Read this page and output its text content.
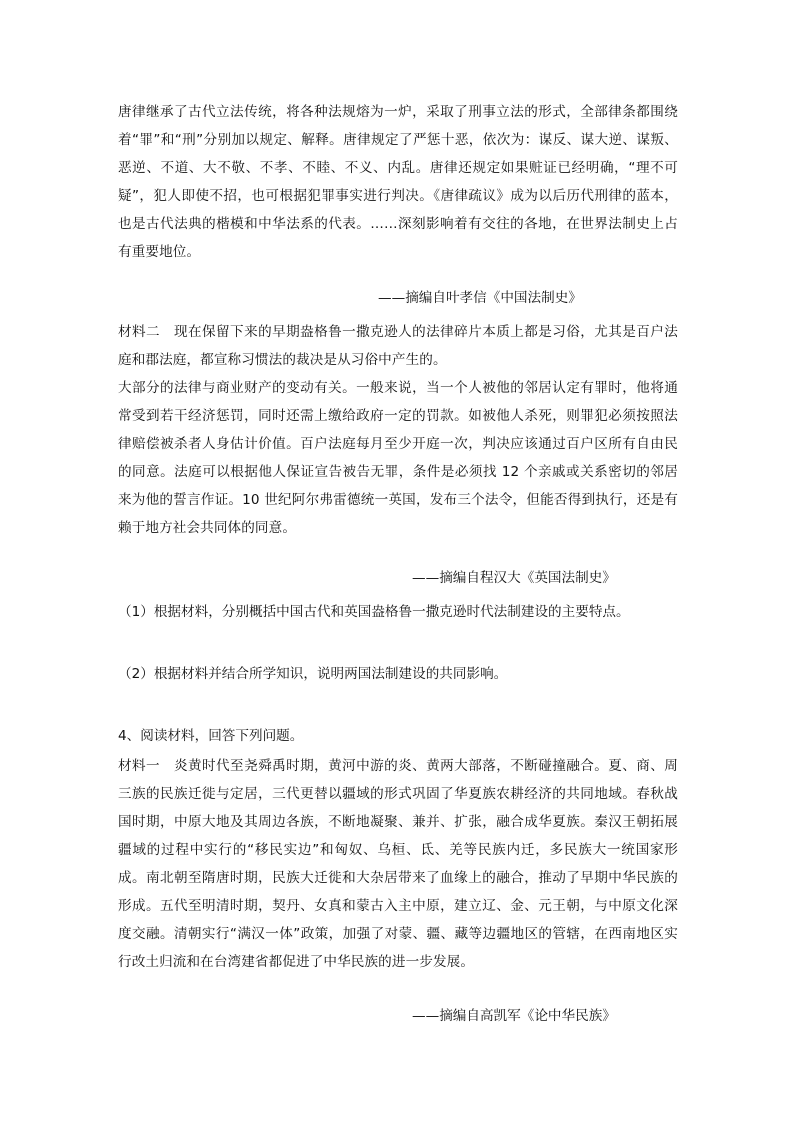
唐律继承了古代立法传统，将各种法规熔为一炉，采取了刑事立法的形式，全部律条都围绕着“罪”和“刑”分别加以规定、解释。唐律规定了严惩十恶，依次为：谋反、谋大逆、谋叛、恶逆、不道、大不敬、不孝、不睦、不义、内乱。唐律还规定如果赃证已经明确，“理不可疑”，犯人即使不招，也可根据犯罪事实进行判决。《唐律疏议》成为以后历代刑律的蓝本，也是古代法典的楷模和中华法系的代表。……深刻影响着有交往的各地，在世界法制史上占有重要地位。
——摘编自叶孝信《中国法制史》
材料二　现在保留下来的早期盎格鲁一撒克逊人的法律碎片本质上都是习俗，尤其是百户法庭和郡法庭，都宣称习惯法的裁决是从习俗中产生的。
大部分的法律与商业财产的变动有关。一般来说，当一个人被他的邻居认定有罪时，他将通常受到若干经济惩罚，同时还需上缴给政府一定的罚款。如被他人杀死，则罪犯必须按照法律赔偿被杀者人身估计价值。百户法庭每月至少开庭一次，判决应该通过百户区所有自由民的同意。法庭可以根据他人保证宣告被告无罪，条件是必须找 12 个亲戚或关系密切的邻居来为他的誓言作证。10 世纪阿尔弗雷德统一英国，发布三个法令，但能否得到执行，还是有赖于地方社会共同体的同意。
——摘编自程汉大《英国法制史》
（1）根据材料，分别概括中国古代和英国盎格鲁一撒克逊时代法制建设的主要特点。
（2）根据材料并结合所学知识，说明两国法制建设的共同影响。
4、阅读材料，回答下列问题。
材料一　炎黄时代至尧舜禹时期，黄河中游的炎、黄两大部落，不断碰撞融合。夏、商、周三族的民族迁徙与定居，三代更替以疆域的形式巩固了华夏族农耕经济的共同地域。春秋战国时期，中原大地及其周边各族，不断地凝聚、兼并、扩张，融合成华夏族。秦汉王朝拓展疆域的过程中实行的“移民实边”和匈奴、乌桓、氐、羌等民族内迁，多民族大一统国家形成。南北朝至隋唐时期，民族大迁徙和大杂居带来了血缘上的融合，推动了早期中华民族的形成。五代至明清时期，契丹、女真和蒙古入主中原，建立辽、金、元王朝，与中原文化深度交融。清朝实行“满汉一体”政策，加强了对蒙、疆、藏等边疆地区的管辖，在西南地区实行改土归流和在台湾建省都促进了中华民族的进一步发展。
——摘编自高凯军《论中华民族》
